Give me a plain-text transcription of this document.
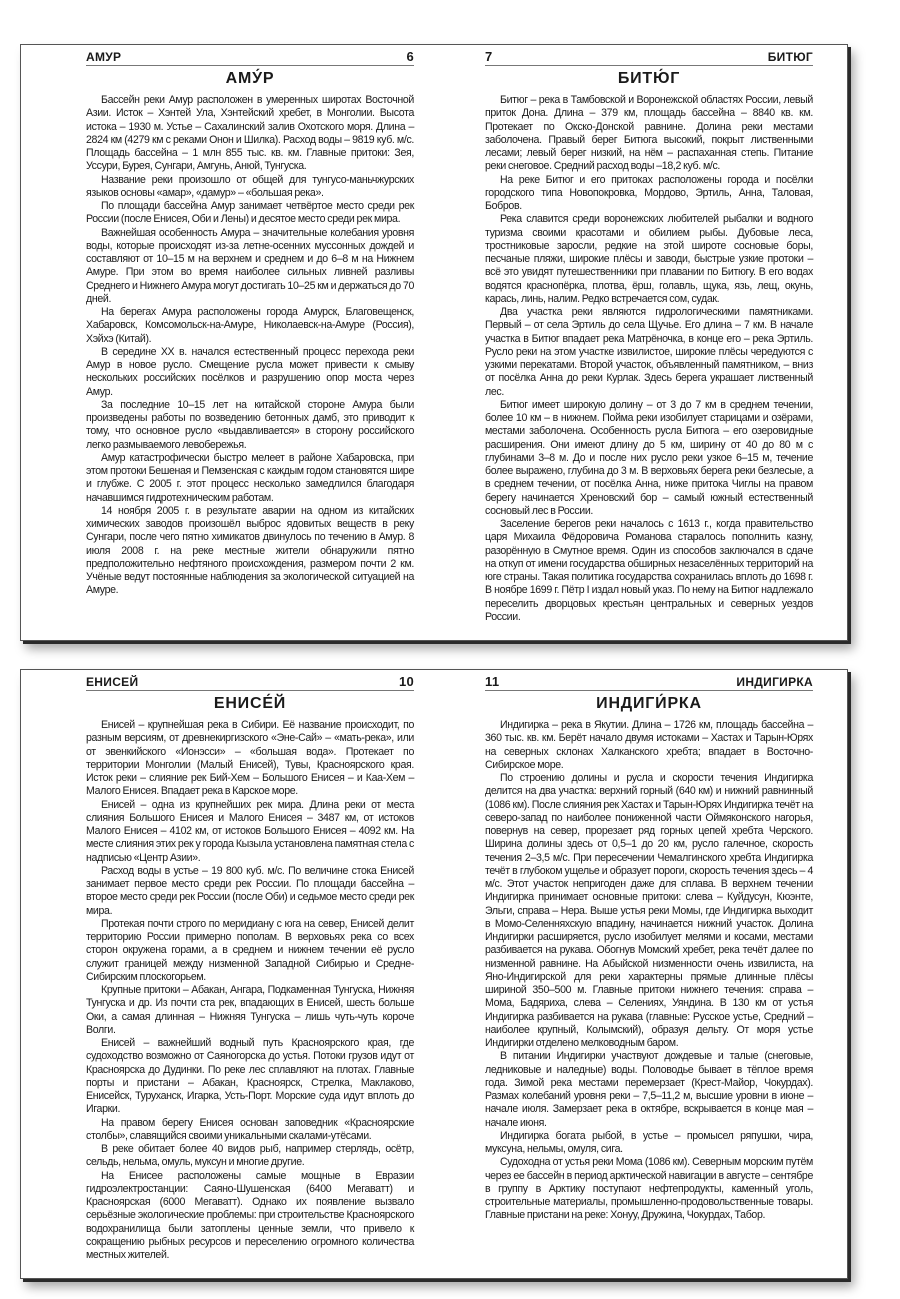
АМУР	6
АМУ́Р

Бассейн реки Амур расположен в умеренных широтах Восточной Азии. Исток – Хэнтей Ула, Хэнтейский хребет, в Монголии. Высота истока – 1930 м. Устье – Сахалинский залив Охотского моря. Длина – 2824 км (4279 км с реками Онон и Шилка). Расход воды – 9819 куб. м/с. Площадь бассейна – 1 млн 855 тыс. кв. км. Главные притоки: Зея, Уссури, Бурея, Сунгари, Амгунь, Анюй, Тунгуска.

Название реки произошло от общей для тунгусо-маньчжурских языков основы «амар», «дамур» – «большая река».

По площади бассейна Амур занимает четвёртое место среди рек России (после Енисея, Оби и Лены) и десятое место среди рек мира.

Важнейшая особенность Амура – значительные колебания уровня воды, которые происходят из-за летне-осенних муссонных дождей и составляют от 10–15 м на верхнем и среднем и до 6–8 м на Нижнем Амуре. При этом во время наиболее сильных ливней разливы Среднего и Нижнего Амура могут достигать 10–25 км и держаться до 70 дней.

На берегах Амура расположены города Амурск, Благовещенск, Хабаровск, Комсомольск-на-Амуре, Николаевск-на-Амуре (Россия), Хэйхэ (Китай).

В середине XX в. начался естественный процесс перехода реки Амур в новое русло. Смещение русла может привести к смыву нескольких российских посёлков и разрушению опор моста через Амур.

За последние 10–15 лет на китайской стороне Амура были произведены работы по возведению бетонных дамб, это приводит к тому, что основное русло «выдавливается» в сторону российского легко размываемого левобережья.

Амур катастрофически быстро мелеет в районе Хабаровска, при этом протоки Бешеная и Пемзенская с каждым годом становятся шире и глубже. С 2005 г. этот процесс несколько замедлился благодаря начавшимся гидротехническим работам.

14 ноября 2005 г. в результате аварии на одном из китайских химических заводов произошёл выброс ядовитых веществ в реку Сунгари, после чего пятно химикатов двинулось по течению в Амур. 8 июля 2008 г. на реке местные жители обнаружили пятно предположительно нефтяного происхождения, размером почти 2 км. Учёные ведут постоянные наблюдения за экологической ситуацией на Амуре.

7	БИТЮГ
БИТЮ́Г

Битюг – река в Тамбовской и Воронежской областях России, левый приток Дона. Длина – 379 км, площадь бассейна – 8840 кв. км. Протекает по Окско-Донской равнине. Долина реки местами заболочена. Правый берег Битюга высокий, покрыт лиственными лесами; левый берег низкий, на нём – распаханная степь. Питание реки снеговое. Средний расход воды –18,2 куб. м/с.

На реке Битюг и его притоках расположены города и посёлки городского типа Новопокровка, Мордово, Эртиль, Анна, Таловая, Бобров.

Река славится среди воронежских любителей рыбалки и водного туризма своими красотами и обилием рыбы. Дубовые леса, тростниковые заросли, редкие на этой широте сосновые боры, песчаные пляжи, широкие плёсы и заводи, быстрые узкие протоки – всё это увидят путешественники при плавании по Битюгу. В его водах водятся краснопёрка, плотва, ёрш, голавль, щука, язь, лещ, окунь, карась, линь, налим. Редко встречается сом, судак.

Два участка реки являются гидрологическими памятниками. Первый – от села Эртиль до села Щучье. Его длина – 7 км. В начале участка в Битюг впадает река Матрёночка, в конце его – река Эртиль. Русло реки на этом участке извилистое, широкие плёсы чередуются с узкими перекатами. Второй участок, объявленный памятником, – вниз от посёлка Анна до реки Курлак. Здесь берега украшает лиственный лес.

Битюг имеет широкую долину – от 3 до 7 км в среднем течении, более 10 км – в нижнем. Пойма реки изобилует старицами и озёрами, местами заболочена. Особенность русла Битюга – его озеровидные расширения. Они имеют длину до 5 км, ширину от 40 до 80 м с глубинами 3–8 м. До и после них русло реки узкое 6–15 м, течение более выражено, глубина до 3 м. В верховьях берега реки безлесые, а в среднем течении, от посёлка Анна, ниже притока Чиглы на правом берегу начинается Хреновский бор – самый южный естественный сосновый лес в России.

Заселение берегов реки началось с 1613 г., когда правительство царя Михаила Фёдоровича Романова старалось пополнить казну, разорённую в Смутное время. Один из способов заключался в сдаче на откуп от имени государства обширных незаселённых территорий на юге страны. Такая политика государства сохранилась вплоть до 1698 г. В ноябре 1699 г. Пётр I издал новый указ. По нему на Битюг надлежало переселить дворцовых крестьян центральных и северных уездов России.

ЕНИСЕЙ	10
ЕНИСЕ́Й

Енисей – крупнейшая река в Сибири. Её название происходит, по разным версиям, от древнекиргизского «Эне-Сай» – «мать-река», или от эвенкийского «Ионэсси» – «большая вода». Протекает по территории Монголии (Малый Енисей), Тувы, Красноярского края. Исток реки – слияние рек Бий-Хем – Большого Енисея – и Каа-Хем – Малого Енисея. Впадает река в Карское море.

Енисей – одна из крупнейших рек мира. Длина реки от места слияния Большого Енисея и Малого Енисея – 3487 км, от истоков Малого Енисея – 4102 км, от истоков Большого Енисея – 4092 км. На месте слияния этих рек у города Кызыла установлена памятная стела с надписью «Центр Азии».

Расход воды в устье – 19 800 куб. м/с. По величине стока Енисей занимает первое место среди рек России. По площади бассейна – второе место среди рек России (после Оби) и седьмое место среди рек мира.

Протекая почти строго по меридиану с юга на север, Енисей делит территорию России примерно пополам. В верховьях река со всех сторон окружена горами, а в среднем и нижнем течении её русло служит границей между низменной Западной Сибирью и Средне-Сибирским плоскогорьем.

Крупные притоки – Абакан, Ангара, Подкаменная Тунгуска, Нижняя Тунгуска и др. Из почти ста рек, впадающих в Енисей, шесть больше Оки, а самая длинная – Нижняя Тунгуска – лишь чуть-чуть короче Волги.

Енисей – важнейший водный путь Красноярского края, где судоходство возможно от Саяногорска до устья. Потоки грузов идут от Красноярска до Дудинки. По реке лес сплавляют на плотах. Главные порты и пристани – Абакан, Красноярск, Стрелка, Маклаково, Енисейск, Туруханск, Игарка, Усть-Порт. Морские суда идут вплоть до Игарки.

На правом берегу Енисея основан заповедник «Красноярские столбы», славящийся своими уникальными скалами-утёсами.

В реке обитает более 40 видов рыб, например стерлядь, осётр, сельдь, нельма, омуль, муксун и многие другие.

На Енисее расположены самые мощные в Евразии гидроэлектростанции: Саяно-Шушенская (6400 Мегаватт) и Красноярская (6000 Мегаватт). Однако их появление вызвало серьёзные экологические проблемы: при строительстве Красноярского водохранилища были затоплены ценные земли, что привело к сокращению рыбных ресурсов и переселению огромного количества местных жителей.

11	ИНДИГИРКА
ИНДИГИ́РКА

Индигирка – река в Якутии. Длина – 1726 км, площадь бассейна – 360 тыс. кв. км. Берёт начало двумя истоками – Хастах и Тарын-Юрях на северных склонах Халканского хребта; впадает в Восточно-Сибирское море.

По строению долины и русла и скорости течения Индигирка делится на два участка: верхний горный (640 км) и нижний равнинный (1086 км). После слияния рек Хастах и Тарын-Юрях Индигирка течёт на северо-запад по наиболее пониженной части Оймяконского нагорья, повернув на север, прорезает ряд горных цепей хребта Черского. Ширина долины здесь от 0,5–1 до 20 км, русло галечное, скорость течения 2–3,5 м/с. При пересечении Чемалгинского хребта Индигирка течёт в глубоком ущелье и образует пороги, скорость течения здесь – 4 м/с. Этот участок непригоден даже для сплава. В верхнем течении Индигирка принимает основные притоки: слева – Куйдусун, Кюэнте, Эльги, справа – Нера. Выше устья реки Момы, где Индигирка выходит в Момо-Селенняхскую впадину, начинается нижний участок. Долина Индигирки расширяется, русло изобилует мелями и косами, местами разбивается на рукава. Обогнув Момский хребет, река течёт далее по низменной равнине. На Абыйской низменности очень извилиста, на Яно-Индигирской для реки характерны прямые длинные плёсы шириной 350–500 м. Главные притоки нижнего течения: справа – Мома, Бадяриха, слева – Селениях, Уяндина. В 130 км от устья Индигирка разбивается на рукава (главные: Русское устье, Средний – наиболее крупный, Колымский), образуя дельту. От моря устье Индигирки отделено мелководным баром.

В питании Индигирки участвуют дождевые и талые (снеговые, ледниковые и наледные) воды. Половодье бывает в тёплое время года. Зимой река местами перемерзает (Крест-Майор, Чокурдах). Размах колебаний уровня реки – 7,5–11,2 м, высшие уровни в июне – начале июля. Замерзает река в октябре, вскрывается в конце мая – начале июня.

Индигирка богата рыбой, в устье – промысел ряпушки, чира, муксуна, нельмы, омуля, сига.

Судоходна от устья реки Мома (1086 км). Северным морским путём через ее бассейн в период арктической навигации в августе – сентябре в группу в Арктику поступают нефтепродукты, каменный уголь, строительные материалы, промышленно-продовольственные товары. Главные пристани на реке: Хонуу, Дружина, Чокурдах, Табор.
